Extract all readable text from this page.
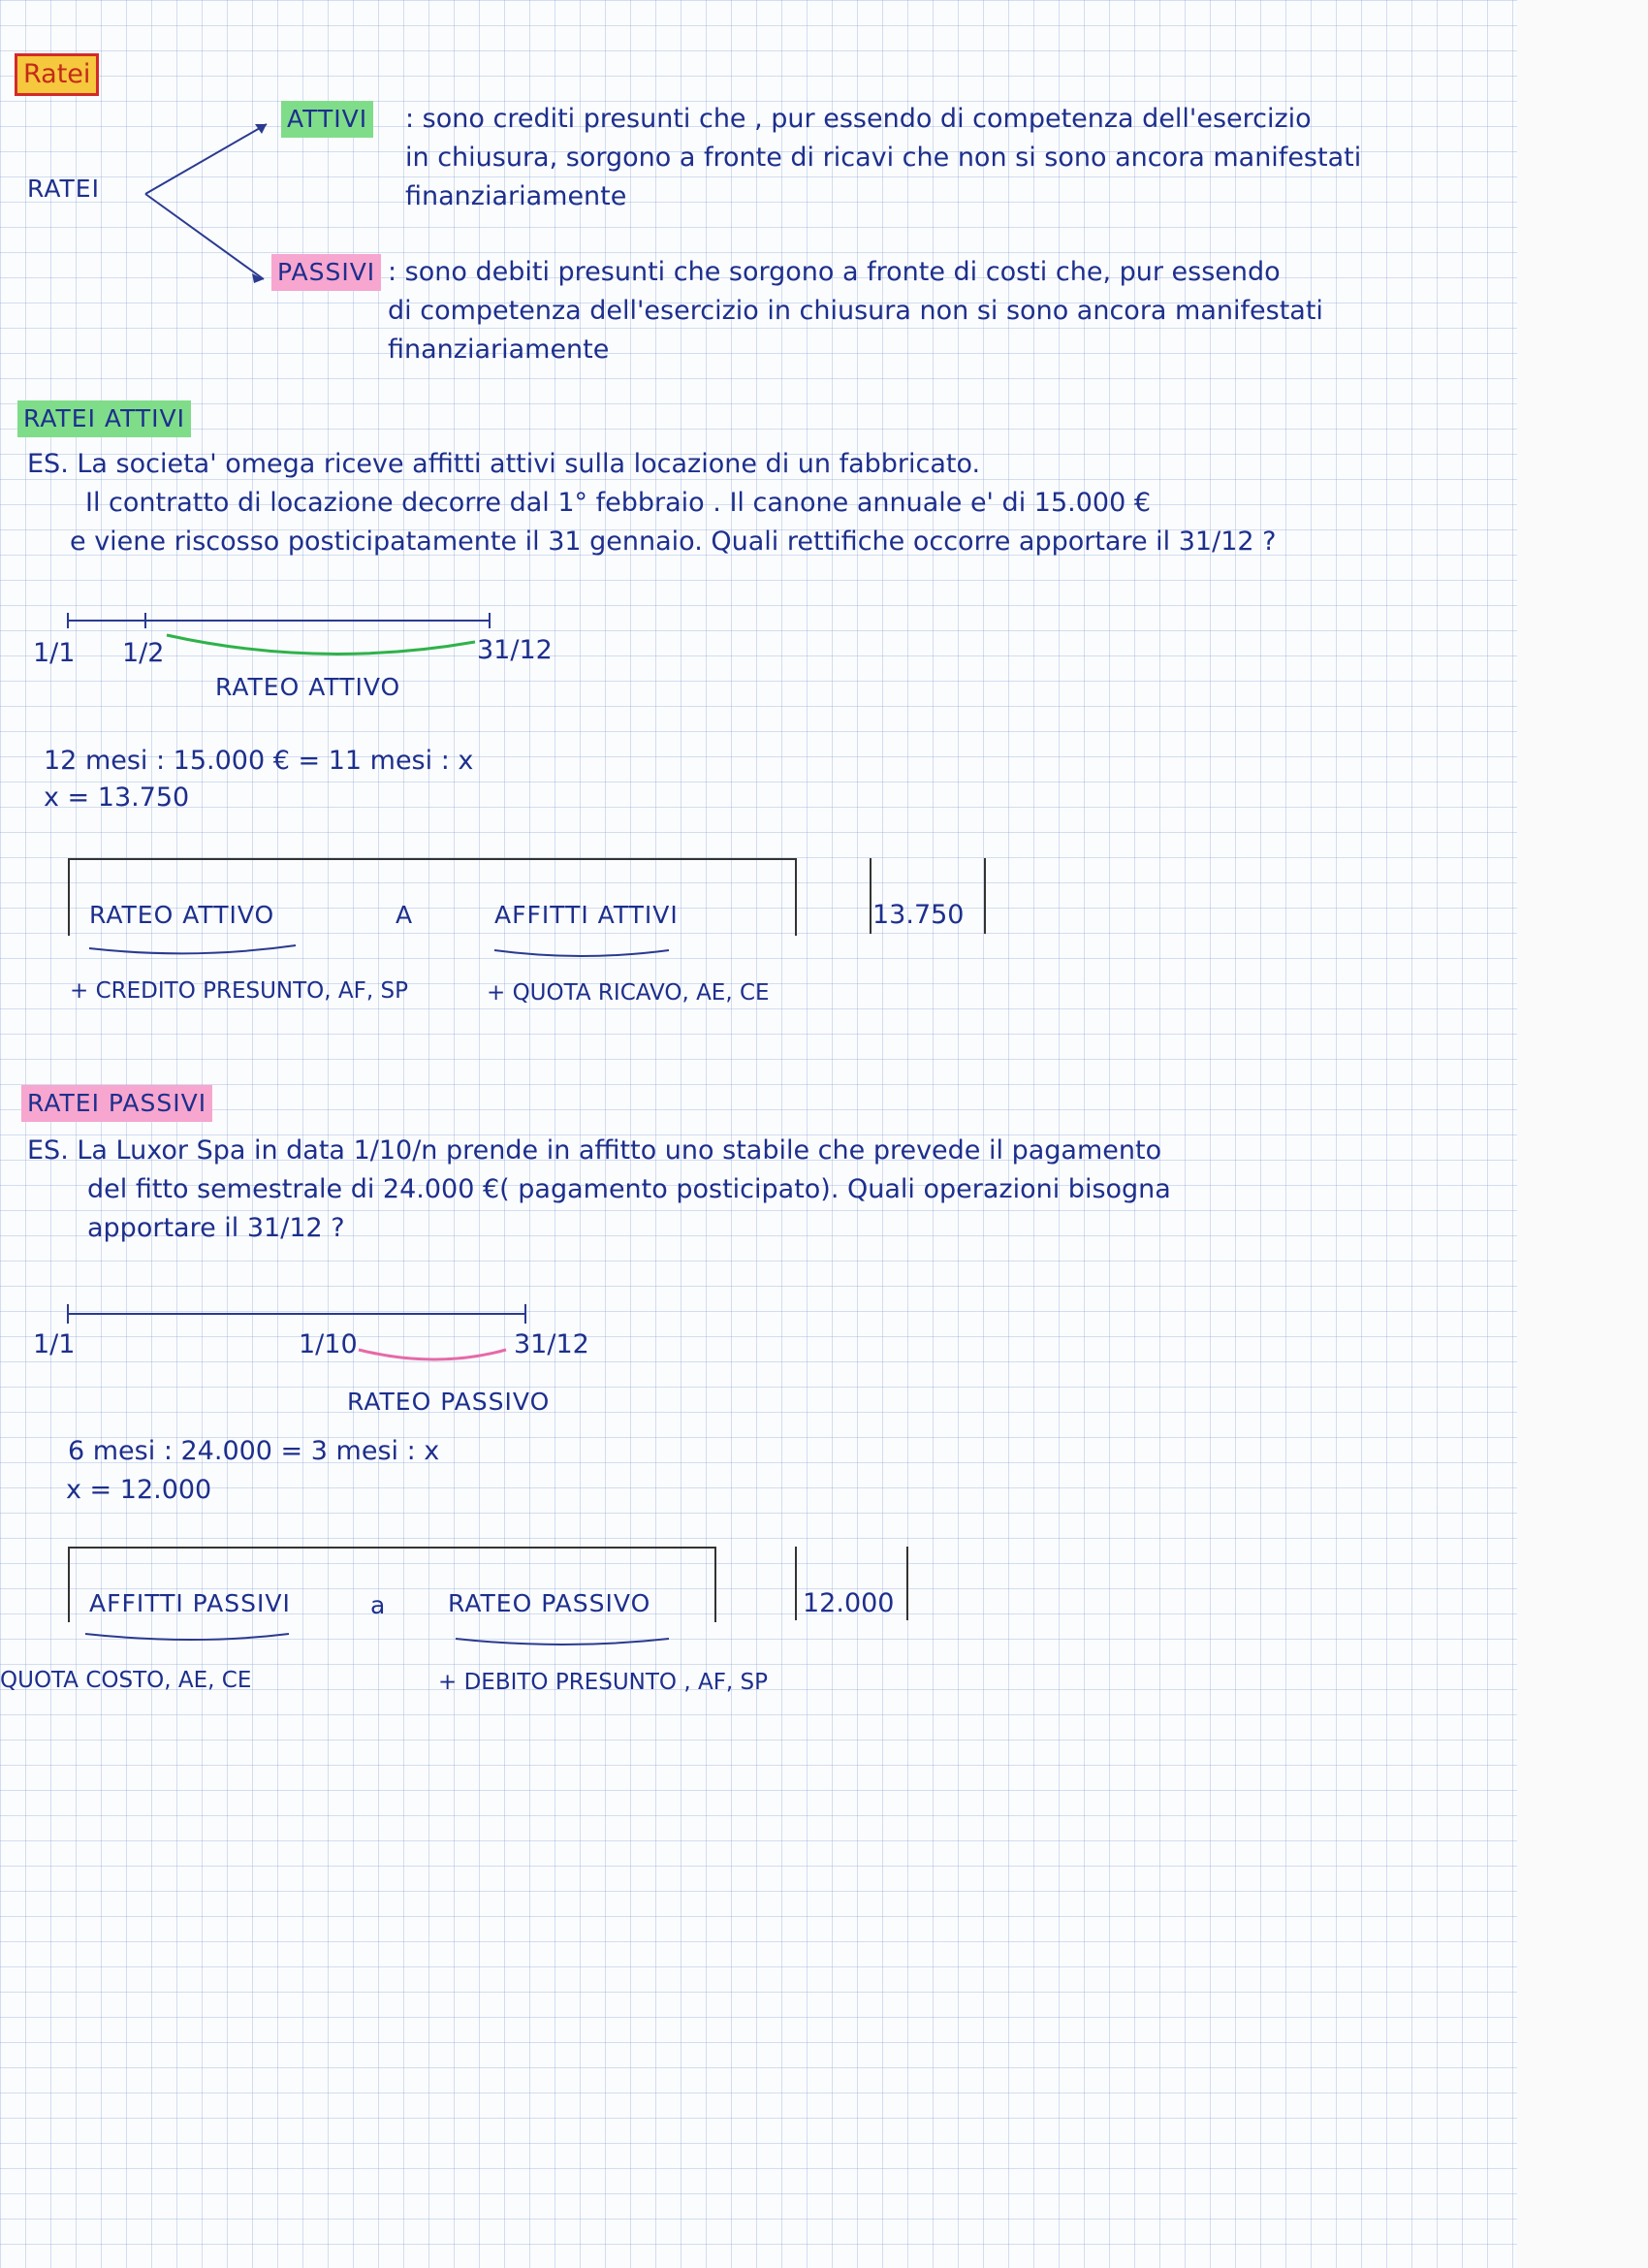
Ratei
RATEI
ATTIVI : sono crediti presunti che , pur essendo di competenza dell'esercizio
in chiusura, sorgono a fronte di ricavi che non si sono ancora manifestati
finanziariamente
PASSIVI : sono debiti presunti che sorgono a fronte di costi che, pur essendo
di competenza dell'esercizio in chiusura non si sono ancora manifestati
finanziariamente
RATEI ATTIVI
ES. La societa' omega riceve affitti attivi sulla locazione di un fabbricato.
Il contratto di locazione decorre dal 1° febbraio . Il canone annuale e' di 15.000 €
e viene riscosso posticipatamente il 31 gennaio. Quali rettifiche occorre apportare il 31/12 ?
1/1 1/2	31/12
RATEO ATTIVO
12 mesi : 15.000 € = 11 mesi : x
x = 13.750
RATEO ATTIVO	A	AFFITTI ATTIVI	13.750
+ CREDITO PRESUNTO, AF, SP	+ QUOTA RICAVO, AE, CE
RATEI PASSIVI
ES. La Luxor Spa in data 1/10/n prende in affitto uno stabile che prevede il pagamento
del fitto semestrale di 24.000 €( pagamento posticipato). Quali operazioni bisogna
apportare il 31/12 ?
1/1	1/10	31/12
RATEO PASSIVO
6 mesi : 24.000 = 3 mesi : x
x = 12.000
AFFITTI PASSIVI	a	RATEO PASSIVO	12.000
QUOTA COSTO, AE, CE	+ DEBITO PRESUNTO , AF, SP
